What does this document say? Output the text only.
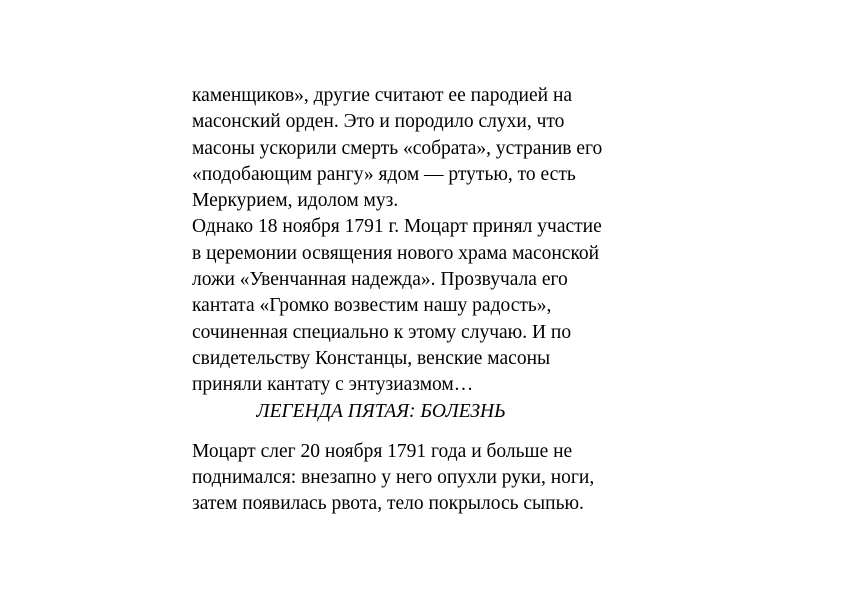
каменщиков», другие считают ее пародией на
масонский орден. Это и породило слухи, что
масоны ускорили смерть «собрата», устранив его
«подобающим рангу» ядом — ртутью, то есть
Меркурием, идолом муз.
Однако 18 ноября 1791 г. Моцарт принял участие
в церемонии освящения нового храма масонской
ложи «Увенчанная надежда». Прозвучала его
кантата «Громко возвестим нашу радость»,
сочиненная специально к этому случаю. И по
свидетельству Констанцы, венские масоны
приняли кантату с энтузиазмом…
ЛЕГЕНДА ПЯТАЯ: БОЛЕЗНЬ
Моцарт слег 20 ноября 1791 года и больше не
поднимался: внезапно у него опухли руки, ноги,
затем появилась рвота, тело покрылось сыпью.
